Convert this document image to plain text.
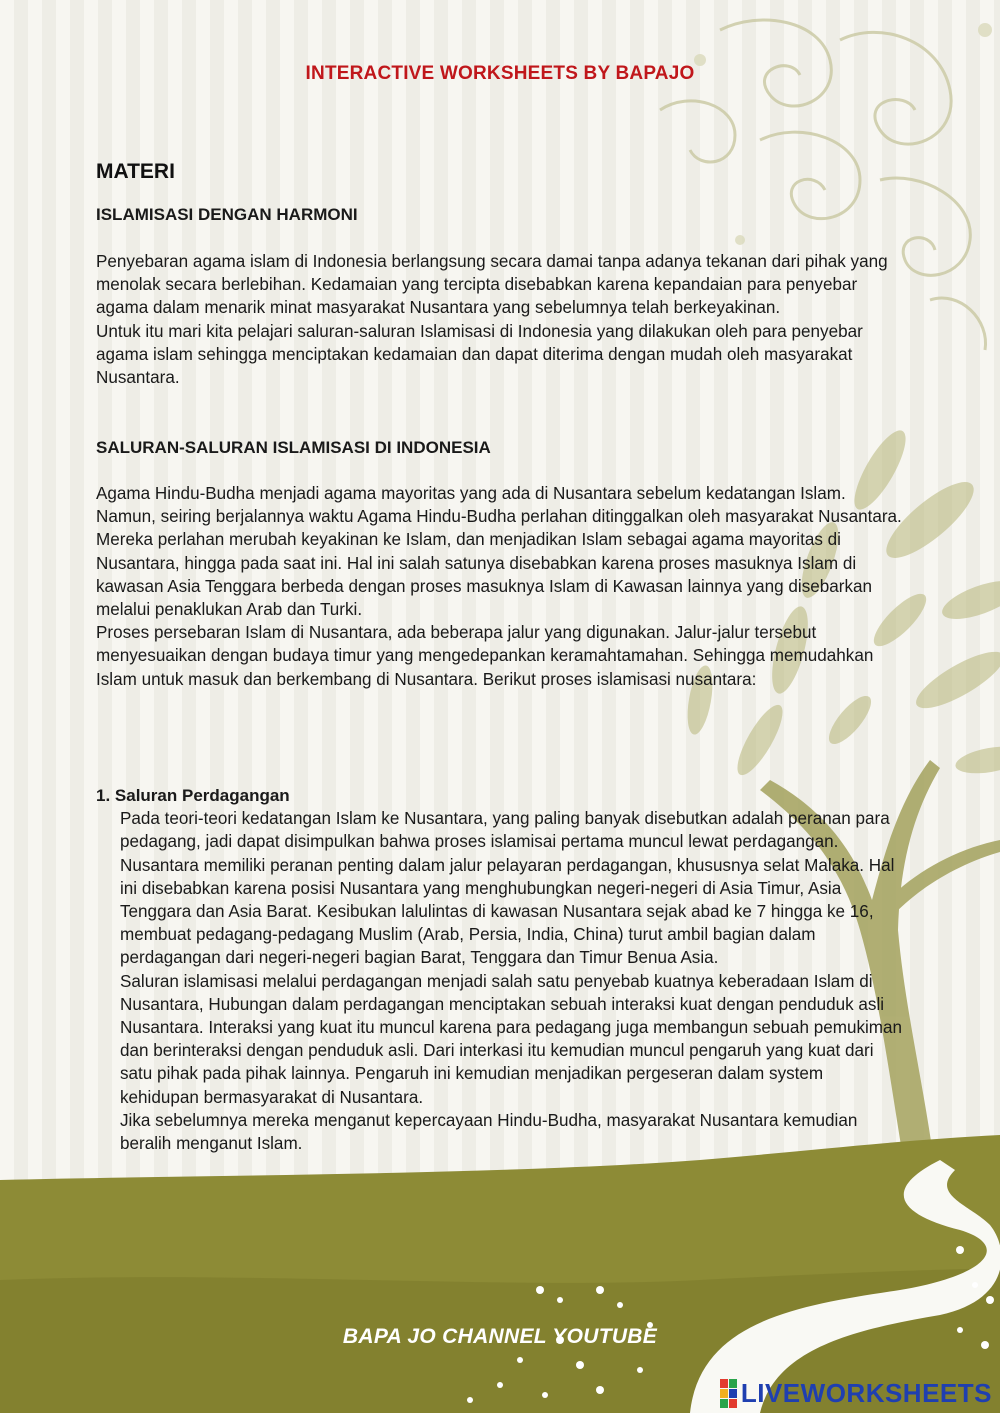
INTERACTIVE WORKSHEETS BY BAPAJO
MATERI

ISLAMISASI DENGAN HARMONI

Penyebaran agama islam di Indonesia berlangsung secara damai tanpa adanya tekanan dari pihak yang menolak secara berlebihan. Kedamaian yang tercipta disebabkan karena kepandaian para penyebar agama dalam menarik minat masyarakat Nusantara yang sebelumnya telah berkeyakinan.

Untuk itu mari kita pelajari saluran-saluran Islamisasi di Indonesia yang dilakukan oleh para penyebar agama islam sehingga menciptakan kedamaian dan dapat diterima dengan mudah oleh masyarakat Nusantara.

SALURAN-SALURAN ISLAMISASI DI INDONESIA

Agama Hindu-Budha menjadi agama mayoritas yang ada di Nusantara sebelum kedatangan Islam.

Namun, seiring berjalannya waktu Agama Hindu-Budha perlahan ditinggalkan oleh masyarakat Nusantara. Mereka perlahan merubah keyakinan ke Islam, dan menjadikan Islam sebagai agama mayoritas di Nusantara, hingga pada saat ini. Hal ini salah satunya disebabkan karena proses masuknya Islam di kawasan Asia Tenggara berbeda dengan proses masuknya Islam di Kawasan lainnya yang disebarkan melalui penaklukan Arab dan Turki.

Proses persebaran Islam di Nusantara, ada beberapa jalur yang digunakan. Jalur-jalur tersebut menyesuaikan dengan budaya timur yang mengedepankan keramahtamahan. Sehingga memudahkan Islam untuk masuk dan berkembang di Nusantara. Berikut proses islamisasi nusantara:

1. Saluran Perdagangan

Pada teori-teori kedatangan Islam ke Nusantara, yang paling banyak disebutkan adalah peranan para pedagang, jadi dapat disimpulkan bahwa proses islamisai pertama muncul lewat perdagangan.

Nusantara memiliki peranan penting dalam jalur pelayaran perdagangan, khususnya selat Malaka. Hal ini disebabkan karena posisi Nusantara yang menghubungkan negeri-negeri di Asia Timur, Asia Tenggara dan Asia Barat. Kesibukan lalulintas di kawasan Nusantara sejak abad ke 7 hingga ke 16, membuat pedagang-pedagang Muslim (Arab, Persia, India, China) turut ambil bagian dalam perdagangan dari negeri-negeri bagian Barat, Tenggara dan Timur Benua Asia.

Saluran islamisasi melalui perdagangan menjadi salah satu penyebab kuatnya keberadaan Islam di Nusantara, Hubungan dalam perdagangan menciptakan sebuah interaksi kuat dengan penduduk asli Nusantara. Interaksi yang kuat itu muncul karena para pedagang juga membangun sebuah pemukiman dan berinteraksi dengan penduduk asli. Dari interkasi itu kemudian muncul pengaruh yang kuat dari satu pihak pada pihak lainnya. Pengaruh ini kemudian menjadikan pergeseran dalam system kehidupan bermasyarakat di Nusantara.

Jika sebelumnya mereka menganut kepercayaan Hindu-Budha, masyarakat Nusantara kemudian beralih menganut Islam.

BAPA JO CHANNEL YOUTUBE
LIVEWORKSHEETS
